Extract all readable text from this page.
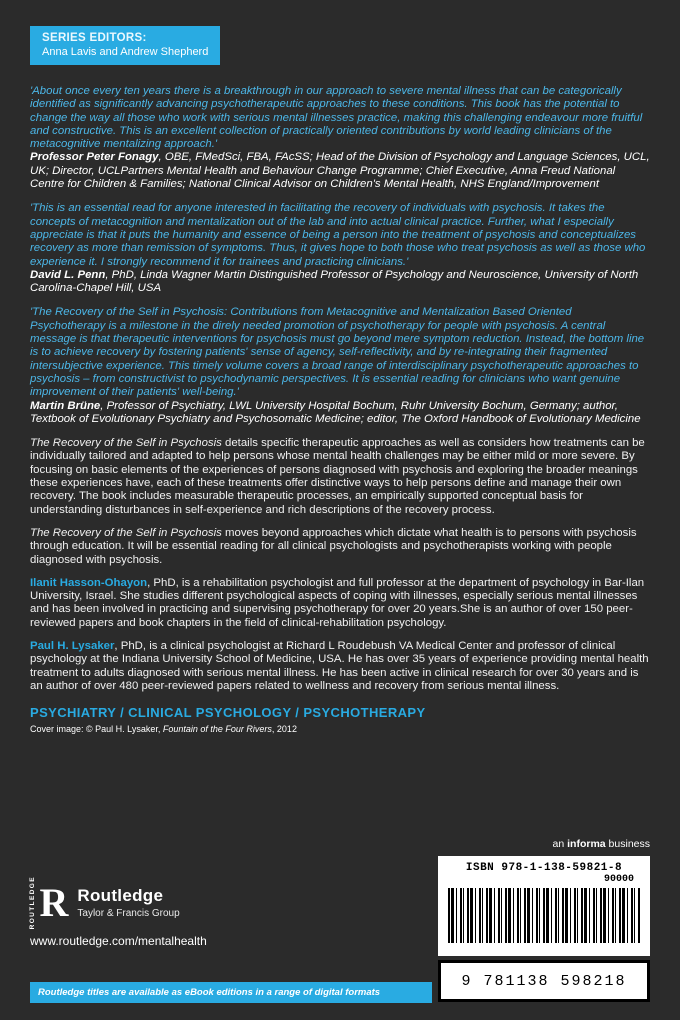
SERIES EDITORS:
Anna Lavis and Andrew Shepherd

'About once every ten years there is a breakthrough in our approach to severe mental illness that can be categorically identified as significantly advancing psychotherapeutic approaches to these conditions. This book has the potential to change the way all those who work with serious mental illnesses practice, making this challenging endeavour more fruitful and constructive. This is an excellent collection of practically oriented contributions by world leading clinicians of the metacognitive mentalizing approach.'

Professor Peter Fonagy, OBE, FMedSci, FBA, FAcSS; Head of the Division of Psychology and Language Sciences, UCL, UK; Director, UCLPartners Mental Health and Behaviour Change Programme; Chief Executive, Anna Freud National Centre for Children & Families; National Clinical Advisor on Children's Mental Health, NHS England/Improvement

'This is an essential read for anyone interested in facilitating the recovery of individuals with psychosis. It takes the concepts of metacognition and mentalization out of the lab and into actual clinical practice. Further, what I especially appreciate is that it puts the humanity and essence of being a person into the treatment of psychosis and conceptualizes recovery as more than remission of symptoms. Thus, it gives hope to both those who treat psychosis as well as those who experience it. I strongly recommend it for trainees and practicing clinicians.'

David L. Penn, PhD, Linda Wagner Martin Distinguished Professor of Psychology and Neuroscience, University of North Carolina-Chapel Hill, USA

'The Recovery of the Self in Psychosis: Contributions from Metacognitive and Mentalization Based Oriented Psychotherapy is a milestone in the direly needed promotion of psychotherapy for people with psychosis. A central message is that therapeutic interventions for psychosis must go beyond mere symptom reduction. Instead, the bottom line is to achieve recovery by fostering patients' sense of agency, self-reflectivity, and by re-integrating their fragmented intersubjective experience. This timely volume covers a broad range of interdisciplinary psychotherapeutic approaches to psychosis – from constructivist to psychodynamic perspectives. It is essential reading for clinicians who want genuine improvement of their patients' well-being.'

Martin Brüne, Professor of Psychiatry, LWL University Hospital Bochum, Ruhr University Bochum, Germany; author, Textbook of Evolutionary Psychiatry and Psychosomatic Medicine; editor, The Oxford Handbook of Evolutionary Medicine

The Recovery of the Self in Psychosis details specific therapeutic approaches as well as considers how treatments can be individually tailored and adapted to help persons whose mental health challenges may be either mild or more severe. By focusing on basic elements of the experiences of persons diagnosed with psychosis and exploring the broader meanings these experiences have, each of these treatments offer distinctive ways to help persons define and manage their own recovery. The book includes measurable therapeutic processes, an empirically supported conceptual basis for understanding disturbances in self-experience and rich descriptions of the recovery process.

The Recovery of the Self in Psychosis moves beyond approaches which dictate what health is to persons with psychosis through education. It will be essential reading for all clinical psychologists and psychotherapists working with people diagnosed with psychosis.

Ilanit Hasson-Ohayon, PhD, is a rehabilitation psychologist and full professor at the department of psychology in Bar-Ilan University, Israel. She studies different psychological aspects of coping with illnesses, especially serious mental illnesses and has been involved in practicing and supervising psychotherapy for over 20 years.She is an author of over 150 peer-reviewed papers and book chapters in the field of clinical-rehabilitation psychology.

Paul H. Lysaker, PhD, is a clinical psychologist at Richard L Roudebush VA Medical Center and professor of clinical psychology at the Indiana University School of Medicine, USA. He has over 35 years of experience providing mental health treatment to adults diagnosed with serious mental illness. He has been active in clinical research for over 30 years and is an author of over 480 peer-reviewed papers related to wellness and recovery from serious mental illness.

PSYCHIATRY / CLINICAL PSYCHOLOGY / PSYCHOTHERAPY
Cover image: © Paul H. Lysaker, Fountain of the Four Rivers, 2012
an informa business
ISBN 978-1-138-59821-8
90000
9 781138 598218
ROUTLEDGE R Routledge
Taylor & Francis Group
www.routledge.com/mentalhealth
Routledge titles are available as eBook editions in a range of digital formats
